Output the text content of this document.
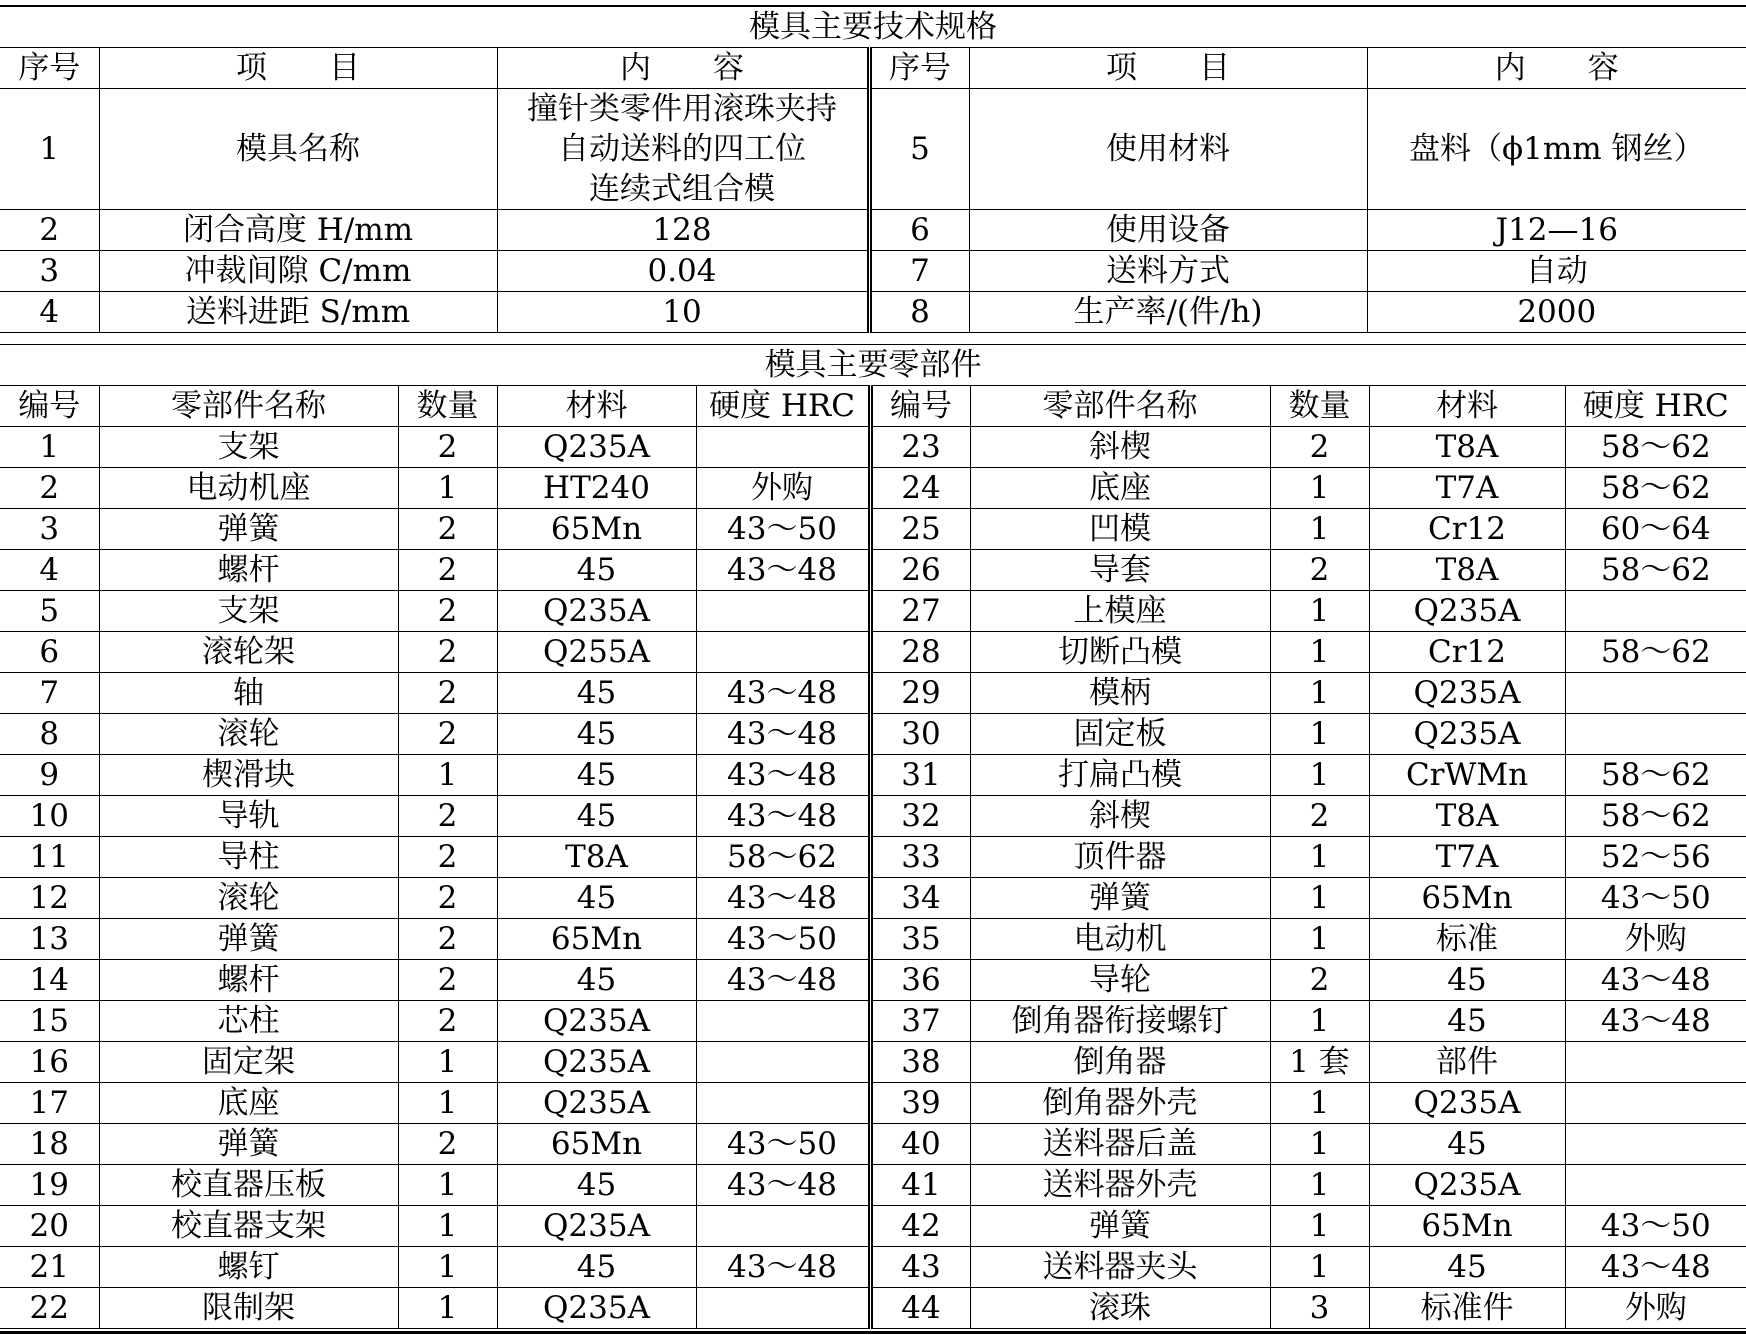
模具主要技术规格					
序号	项　　目	内　　容	序号	项　　目	内　　容
1	模具名称	撞针类零件用滚珠夹持
自动送料的四工位
连续式组合模	5	使用材料	盘料（ϕ1mm 钢丝）
2	闭合高度 H/mm	128	6	使用设备	J12—16
3	冲裁间隙 C/mm	0.04	7	送料方式	自动
4	送料进距 S/mm	10	8	生产率/(件/h)	2000
模具主要零部件									
编号	零部件名称	数量	材料	硬度 HRC	编号	零部件名称	数量	材料	硬度 HRC
1	支架	2	Q235A		23	斜楔	2	T8A	58～62
2	电动机座	1	HT240	外购	24	底座	1	T7A	58～62
3	弹簧	2	65Mn	43～50	25	凹模	1	Cr12	60～64
4	螺杆	2	45	43～48	26	导套	2	T8A	58～62
5	支架	2	Q235A		27	上模座	1	Q235A	
6	滚轮架	2	Q255A		28	切断凸模	1	Cr12	58～62
7	轴	2	45	43～48	29	模柄	1	Q235A	
8	滚轮	2	45	43～48	30	固定板	1	Q235A	
9	楔滑块	1	45	43～48	31	打扁凸模	1	CrWMn	58～62
10	导轨	2	45	43～48	32	斜楔	2	T8A	58～62
11	导柱	2	T8A	58～62	33	顶件器	1	T7A	52～56
12	滚轮	2	45	43～48	34	弹簧	1	65Mn	43～50
13	弹簧	2	65Mn	43～50	35	电动机	1	标准	外购
14	螺杆	2	45	43～48	36	导轮	2	45	43～48
15	芯柱	2	Q235A		37	倒角器衔接螺钉	1	45	43～48
16	固定架	1	Q235A		38	倒角器	1 套	部件	
17	底座	1	Q235A		39	倒角器外壳	1	Q235A	
18	弹簧	2	65Mn	43～50	40	送料器后盖	1	45	
19	校直器压板	1	45	43～48	41	送料器外壳	1	Q235A	
20	校直器支架	1	Q235A		42	弹簧	1	65Mn	43～50
21	螺钉	1	45	43～48	43	送料器夹头	1	45	43～48
22	限制架	1	Q235A		44	滚珠	3	标准件	外购
